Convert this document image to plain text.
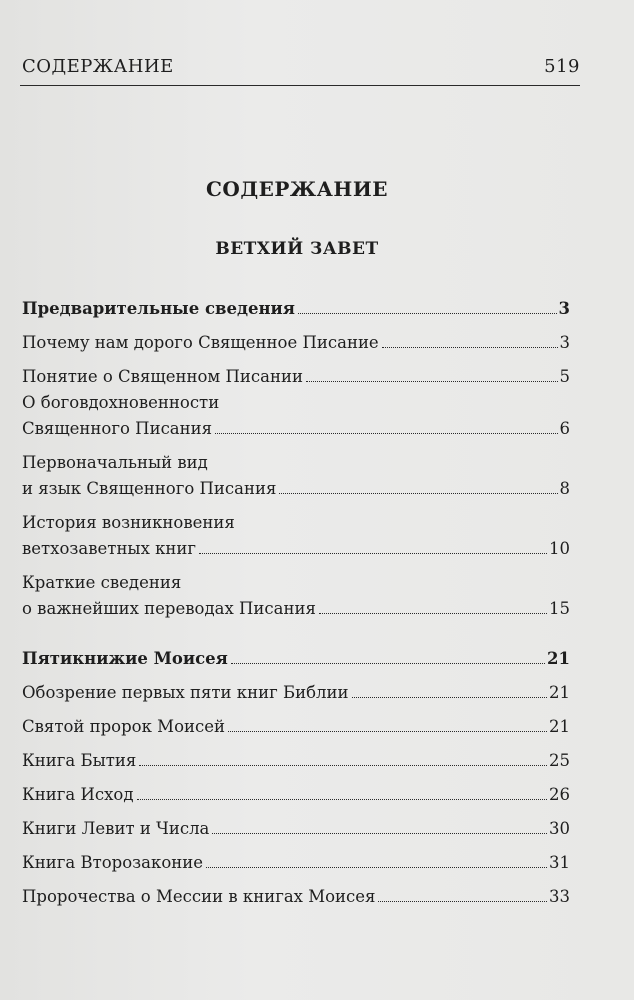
СОДЕРЖАНИЕ	519
СОДЕРЖАНИЕ
ВЕТХИЙ ЗАВЕТ
Предварительные сведения	3
Почему нам дорого Священное Писание	3
Понятие о Священном Писании	5
О боговдохновенности
Священного Писания	6
Первоначальный вид
и язык Священного Писания	8
История возникновения
ветхозаветных книг	10
Краткие сведения
о важнейших переводах Писания	15
Пятикнижие Моисея	21
Обозрение первых пяти книг Библии	21
Святой пророк Моисей	21
Книга Бытия	25
Книга Исход	26
Книги Левит и Числа	30
Книга Второзаконие	31
Пророчества о Мессии в книгах Моисея	33
